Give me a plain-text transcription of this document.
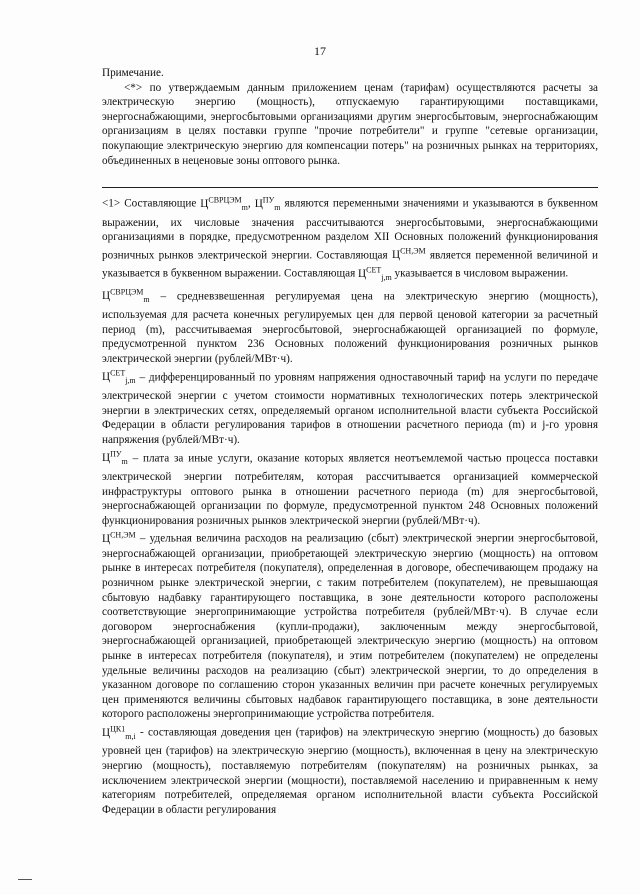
17

Примечание.

<*> по утверждаемым данным приложением ценам (тарифам) осуществляются расчеты за электрическую энергию (мощность), отпускаемую гарантирующими поставщиками, энергоснабжающими, энергосбытовыми организациями другим энергосбытовым, энергоснабжающим организациям в целях поставки группе "прочие потребители" и группе "сетевые организации, покупающие электрическую энергию для компенсации потерь" на розничных рынках на территориях, объединенных в неценовые зоны оптового рынка.

<1> Составляющие $Ц^{СВРЦЭМ}_m$, $Ц^{ПУ}_m$ являются переменными значениями и указываются в буквенном выражении, их числовые значения рассчитываются энергосбытовыми, энергоснабжающими организациями в порядке, предусмотренном разделом XII Основных положений функционирования розничных рынков электрической энергии. Составляющая $Ц^{СН,ЭМ}$ является переменной величиной и указывается в буквенном выражении. Составляющая $Ц^{СЕТ}_{j,m}$ указывается в числовом выражении.

$Ц^{СВРЦЭМ}_m$ – средневзвешенная регулируемая цена на электрическую энергию (мощность), используемая для расчета конечных регулируемых цен для первой ценовой категории за расчетный период (m), рассчитываемая энергосбытовой, энергоснабжающей организацией по формуле, предусмотренной пунктом 236 Основных положений функционирования розничных рынков электрической энергии (рублей/МВт·ч).

$Ц^{СЕТ}_{j,m}$ – дифференцированный по уровням напряжения одноставочный тариф на услуги по передаче электрической энергии с учетом стоимости нормативных технологических потерь электрической энергии в электрических сетях, определяемый органом исполнительной власти субъекта Российской Федерации в области регулирования тарифов в отношении расчетного периода (m) и j-го уровня напряжения (рублей/МВт·ч).

$Ц^{ПУ}_m$ – плата за иные услуги, оказание которых является неотъемлемой частью процесса поставки электрической энергии потребителям, которая рассчитывается организацией коммерческой инфраструктуры оптового рынка в отношении расчетного периода (m) для энергосбытовой, энергоснабжающей организации по формуле, предусмотренной пунктом 248 Основных положений функционирования розничных рынков электрической энергии (рублей/МВт·ч).

$Ц^{СН,ЭМ}$ – удельная величина расходов на реализацию (сбыт) электрической энергии энергосбытовой, энергоснабжающей организации, приобретающей электрическую энергию (мощность) на оптовом рынке в интересах потребителя (покупателя), определенная в договоре, обеспечивающем продажу на розничном рынке электрической энергии, с таким потребителем (покупателем), не превышающая сбытовую надбавку гарантирующего поставщика, в зоне деятельности которого расположены соответствующие энергопринимающие устройства потребителя (рублей/МВт·ч). В случае если договором энергоснабжения (купли-продажи), заключенным между энергосбытовой, энергоснабжающей организацией, приобретающей электрическую энергию (мощность) на оптовом рынке в интересах потребителя (покупателя), и этим потребителем (покупателем) не определены удельные величины расходов на реализацию (сбыт) электрической энергии, то до определения в указанном договоре по соглашению сторон указанных величин при расчете конечных регулируемых цен применяются величины сбытовых надбавок гарантирующего поставщика, в зоне деятельности которого расположены энергопринимающие устройства потребителя.

$Ц^{ЦК1}_{m,i}$ - составляющая доведения цен (тарифов) на электрическую энергию (мощность) до базовых уровней цен (тарифов) на электрическую энергию (мощность), включенная в цену на электрическую энергию (мощность), поставляемую потребителям (покупателям) на розничных рынках, за исключением электрической энергии (мощности), поставляемой населению и приравненным к нему категориям потребителей, определяемая органом исполнительной власти субъекта Российской Федерации в области регулирования
